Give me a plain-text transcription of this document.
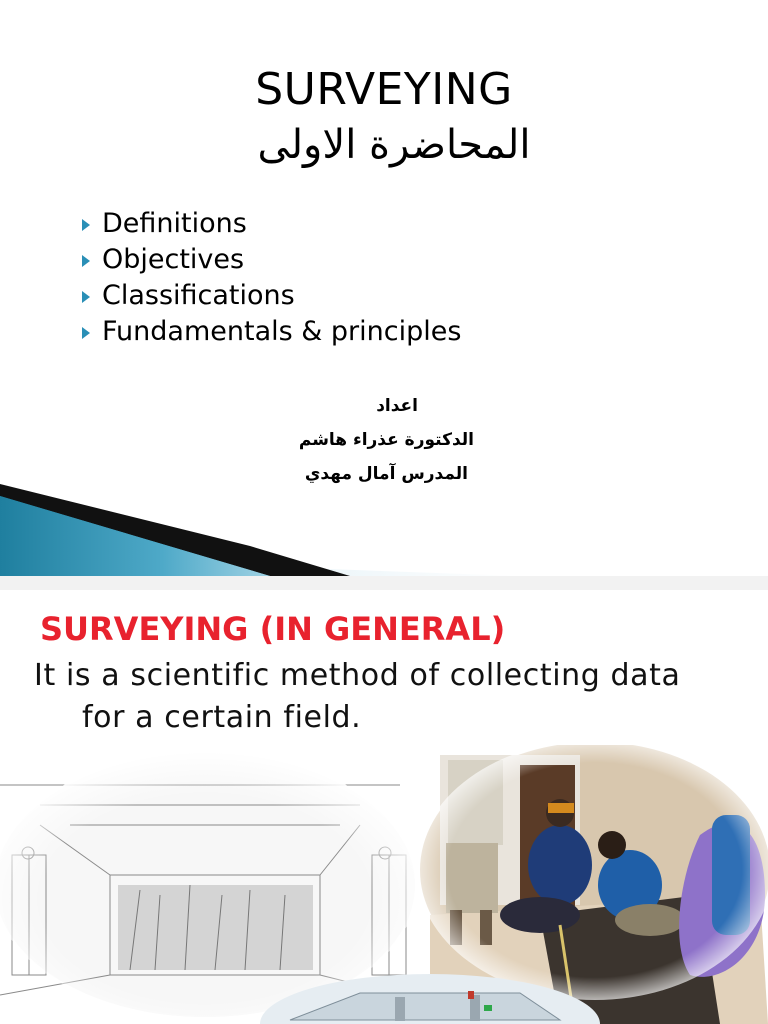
SURVEYING
المحاضرة الاولى
Definitions
Objectives
Classifications
Fundamentals & principles
اعداد
الدكتورة عذراء هاشم
المدرس آمال مهدي
SURVEYING (IN GENERAL)
It is a scientific method of collecting data
for a certain field.
